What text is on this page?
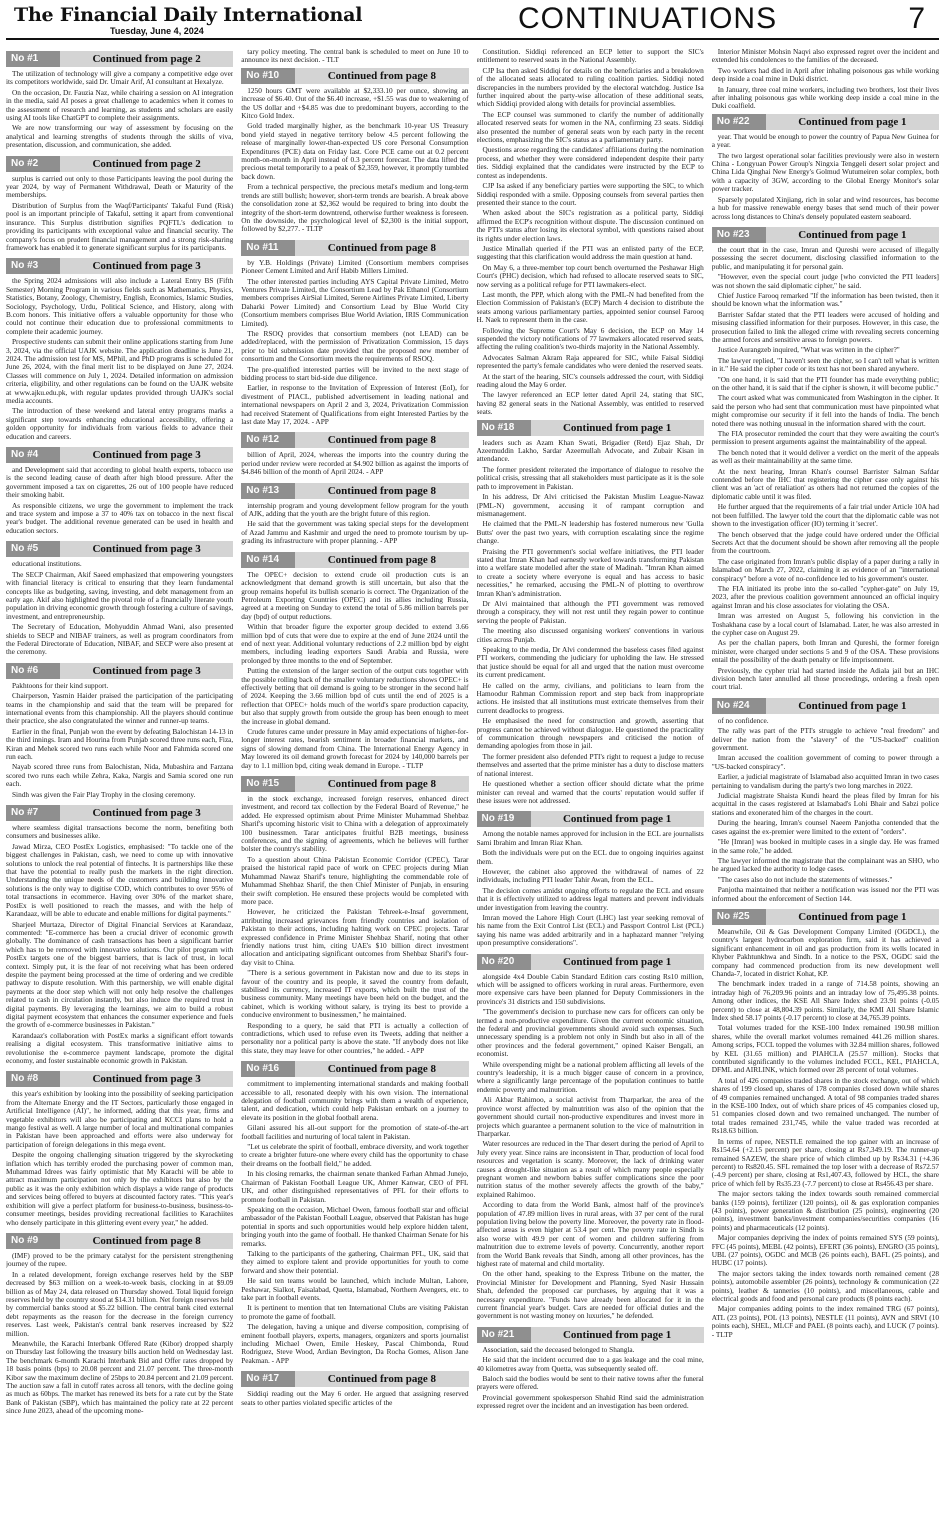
The Financial Daily International
Tuesday, June 4, 2024	CONTINUATIONS	7
No #1	Continued from page 2

The utilization of technology will give a company a competitive edge over its competitors worldwide, said Dr. Umair Arif, AI consultant at Hexalyze.

On the occasion, Dr. Fauzia Naz, while chairing a session on AI integration in the media, said AI poses a great challenge to academics when it comes to the assessment of research and learning, as students and scholars are easily using AI tools like ChatGPT to complete their assignments.

We are now transforming our way of assessment by focusing on the analytical and learning strengths of students through the skills of viva, presentation, discussion, and communication, she added.

No #2	Continued from page 2

surplus is carried out only to those Participants leaving the pool during the year 2024, by way of Permanent Withdrawal, Death or Maturity of the memberships.

Distribution of Surplus from the Waqf/Participants' Takaful Fund (Risk) pool is an important principle of Takaful, setting it apart from conventional insurance. This Surplus distribution signifies PQFTL's dedication to providing its participants with exceptional value and financial security. The company's focus on prudent financial management and a strong risk-sharing framework has enabled it to generate significant surplus for its participants.

No #3	Continued from page 3

the Spring 2024 admissions will also include a Lateral Entry BS (Fifth Semester) Morning Program in various fields such as Mathematics, Physics, Statistics, Botany, Zoology, Chemistry, English, Economics, Islamic Studies, Sociology, Psychology, Urdu, Political Science, and History, along with B.com honors. This initiative offers a valuable opportunity for those who could not continue their education due to professional commitments to complete their academic journey.

Prospective students can submit their online applications starting from June 3, 2024, via the official UAJK website. The application deadline is June 21, 2024. The admission test for MS, MPhil, and PhD programs is scheduled for June 26, 2024, with the final merit list to be displayed on June 27, 2024. Classes will commence on July 1, 2024. Detailed information on admission criteria, eligibility, and other regulations can be found on the UAJK website at www.ajku.edu.pk, with regular updates provided through UAJK's social media accounts.

The introduction of these weekend and lateral entry programs marks a significant step towards enhancing educational accessibility, offering a golden opportunity for individuals from various fields to advance their education and careers.

No #4	Continued from page 3

and Development said that according to global health experts, tobacco use is the second leading cause of death after high blood pressure. After the government imposed a tax on cigarettes, 26 out of 100 people have reduced their smoking habit.

As responsible citizens, we urge the government to implement the track and trace system and impose a 37 to 40% tax on tobacco in the next fiscal year's budget. The additional revenue generated can be used in health and education sectors.

No #5	Continued from page 3

educational institutions.

The SECP Chairman, Akif Saeed emphasized that empowering youngsters with financial literacy is critical to ensuring that they learn fundamental concepts like as budgeting, saving, investing, and debt management from an early age. Akif also highlighted the pivotal role of a financially literate youth population in driving economic growth through fostering a culture of savings, investment, and entrepreneurship.

The Secretary of Education, Mohyuddin Ahmad Wani, also presented shields to SECP and NIBAF trainers, as well as program coordinators from the Federal Directorate of Education, NIBAF, and SECP were also present at the ceremony.

No #6	Continued from page 3

Pakhtoons for their kind support.

Chairperson, Yasmin Haider praised the participation of the participating teams in the championship and said that the team will be prepared for international events from this championship. All the players should continue their practice, she also congratulated the winner and runner-up teams.

Earlier in the final, Punjab won the event by defeating Balochistan 14-13 in the third innings. Iram and Hourina from Punjab scored three runs each, Fiza, Kiran and Mehek scored two runs each while Noor and Fahmida scored one run each.

Nayab scored three runs from Balochistan, Nida, Mubashira and Farzana scored two runs each while Zehra, Kaka, Nargis and Samia scored one run each.

Sindh was given the Fair Play Trophy in the closing ceremony.

No #7	Continued from page 3

where seamless digital transactions become the norm, benefiting both consumers and businesses alike.

Jawad Mirza, CEO PostEx Logistics, emphasised: "To tackle one of the biggest challenges in Pakistan, cash, we need to come up with innovative solutions to unlock the real potential of fintechs. It is partnerships like these that have the potential to really push the markets in the right direction. Understanding the unique needs of the customers and building innovative solutions is the only way to digitise COD, which contributes to over 95% of total transactions in ecommerce. Having over 30% of the market share, PostEx is well positioned to reach the masses, and with the help of Karandaaz, will be able to educate and enable millions for digital payments."

Sharjeel Murtaza, Director of Digital Financial Services at Karandaaz, commented: "E-commerce has been a crucial driver of economic growth globally. The dominance of cash transactions has been a significant barrier which has to be removed with innovative solutions. Our pilot program with PostEx targets one of the biggest barriers, that is lack of trust, in local context. Simply put, it is the fear of not receiving what has been ordered despite the payment being processed at the time of ordering and we credible pathway to dispute resolution. With this partnership, we will enable digital payments at the door step which will not only help resolve the challenges related to cash in circulation instantly, but also induce the required trust in digital payments. By leveraging the learnings, we aim to build a robust digital payment ecosystem that enhances the consumer experience and fuels the growth of e-commerce businesses in Pakistan."

Karandaaz's collaboration with PostEx marks a significant effort towards realising a digital ecosystem. This transformative initiative aims to revolutionise the e-commerce payment landscape, promote the digital economy, and foster sustainable economic growth in Pakistan.

No #8	Continued from page 3

this year's exhibition by looking into the possibility of seeking participation from the Alternate Energy and the IT Sectors, particularly those engaged in Artificial Intelligence (AI)", he informed, adding that this year, firms and vegetable exhibitors will also be participating and KCCI plans to hold a mango festival as well. A large number of local and multinational companies in Pakistan have been approached and efforts were also underway for participation of foreign delegations in this mega event.

Despite the ongoing challenging situation triggered by the skyrocketing inflation which has terribly eroded the purchasing power of common man, Muhammad Idrees was fairly optimistic that My Karachi will be able to attract maximum participation not only by the exhibitors but also by the public as it was the only exhibition which displays a wide range of products and services being offered to buyers at discounted factory rates. "This year's exhibition will give a perfect platform for business-to-business, business-to-consumer meetings, besides providing recreational facilities to Karachiites who densely participate in this glittering event every year," he added.

No #9	Continued from page 8

(IMF) proved to be the primary catalyst for the persistent strengthening journey of the rupee.

In a related development, foreign exchange reserves held by the SBP decreased by $63 million on a week-to-week basis, clocking in at $9.09 billion as of May 24, data released on Thursday showed. Total liquid foreign reserves held by the country stood at $14.31 billion. Net foreign reserves held by commercial banks stood at $5.22 billion. The central bank cited external debt repayments as the reason for the decrease in the foreign currency reserves. Last week, Pakistan's central bank reserves increased by $22 million.

Meanwhile, the Karachi Interbank Offered Rate (Kibor) dropped sharply on Thursday last following the treasury bills auction held on Wednesday last. The benchmark 6-month Karachi Interbank Bid and Offer rates dropped by 18 basis points (bps) to 20.08 percent and 21.07 percent. The three-month Kibor saw the maximum decline of 25bps to 20.84 percent and 21.09 percent. The auction saw a fall in cutoff rates across all tenors, with the decline going as much as 60bps. The market has renewed its bets for a rate cut by the State Bank of Pakistan (SBP), which has maintained the policy rate at 22 percent since June 2023, ahead of the upcoming mone-

tary policy meeting. The central bank is scheduled to meet on June 10 to announce its next decision. - TLT

No #10	Continued from page 8

1250 hours GMT were available at $2,333.10 per ounce, showing an increase of $6.40. Out of the $6.40 increase, +$1.55 was due to weakening of the US dollar and +$4.85 was due to predominant buyers, according to the Kitco Gold Index.

Gold traded marginally higher, as the benchmark 10-year US Treasury bond yield stayed in negative territory below 4.5 percent following the release of marginally lower-than-expected US core Personal Consumption Expenditures (PCE) data on Friday last. Core PCE came out at 0.2 percent month-on-month in April instead of 0.3 percent forecast. The data lifted the precious metal temporarily to a peak of $2,359, however, it promptly tumbled back down.

From a technical perspective, the precious metal's medium and long-term trends are still bullish; however, short-term trends are bearish. A break above the consolidation zone at $2,362 would be required to bring into doubt the integrity of the short-term downtrend, otherwise further weakness is foreseen. On the downside, the psychological level of $2,300 is the initial support, followed by $2,277. - TLTP

No #11	Continued from page 8

by Y.B. Holdings (Private) Limited (Consortium members comprises Pioneer Cement Limited and Arif Habib Millers Limited.

The other interested parties including AYS Capital Private Limited, Metro Ventures Private Limited, the Consortium Lead by Pak Ethanol (Consortium members comprises AirSial Limited, Serene Airlines Private Limited, Liberty Daharki Power Limited) and Consortium Lead by Blue World City (Consortium members comprises Blue World Aviation, IRIS Communication Limited).

The RSOQ provides that consortium members (not LEAD) can be added/replaced, with the permission of Privatization Commission, 15 days prior to bid submission date provided that the proposed new member of consortium and the Consortium meets the requirements of RSOQ.

The pre-qualified interested parties will be invited to the next stage of bidding process to start bid-side due diligence.

Earlier, in response to the Invitation of Expression of Interest (EoI), for divestment of PIACL, published advertisement in leading national and international newspapers on April 2 and 3, 2024, Privatization Commission had received Statement of Qualifications from eight Interested Parties by the last date May 17, 2024. - APP

No #12	Continued from page 8

billion of April, 2024, whereas the imports into the country during the period under review were recorded at $4.902 billion as against the imports of $4.846 billion of the month of April 2024. - APP

No #13	Continued from page 8

internship program and young development fellow program for the youth of AJK, adding that the youth are the bright future of this region.

He said that the government was taking special steps for the development of Azad Jammu and Kashmir and urged the need to promote tourism by up-grading its infrastructure with proper planning. - APP

No #14	Continued from page 8

The OPEC+ decision to extend crude oil production cuts is an acknowledgment that demand growth is still uncertain, but also that the group remains hopeful its bullish scenario is correct. The Organization of the Petroleum Exporting Countries (OPEC) and its allies including Russia, agreed at a meeting on Sunday to extend the total of 5.86 million barrels per day (bpd) of output reductions.

Within that broader figure the exporter group decided to extend 3.66 million bpd of cuts that were due to expire at the end of June 2024 until the end of next year. Additional voluntary reductions of 2.2 million bpd by eight members, including leading exporters Saudi Arabia and Russia, were prolonged by three months to the end of September.

Putting the extension of the larger section of the output cuts together with the possible rolling back of the smaller voluntary reductions shows OPEC+ is effectively betting that oil demand is going to be stronger in the second half of 2024. Keeping the 3.66 million bpd of cuts until the end of 2025 is a reflection that OPEC+ holds much of the world's spare production capacity, but also that supply growth from outside the group has been enough to meet the increase in global demand.

Crude futures came under pressure in May amid expectations of higher-for-longer interest rates, bearish sentiment in broader financial markets, and signs of slowing demand from China. The International Energy Agency in May lowered its oil demand growth forecast for 2024 by 140,000 barrels per day to 1.1 million bpd, citing weak demand in Europe. - TLTP

No #15	Continued from page 8

in the stock exchange, increased foreign reserves, enhanced direct investment, and record tax collection by the Federal Board of Revenue," he added. He expressed optimism about Prime Minister Muhammad Shehbaz Sharif's upcoming historic visit to China with a delegation of approximately 100 businessmen. Tarar anticipates fruitful B2B meetings, business conferences, and the signing of agreements, which he believes will further bolster the country's stability.

To a question about China Pakistan Economic Corridor (CPEC), Tarar praised the historical rapid pace of work on CPEC projects during Mian Muhammad Nawaz Sharif's tenure, highlighting the commendable role of Muhammad Shehbaz Sharif, the then Chief Minister of Punjab, in ensuring their swift completion. He ensured these projects would be completed with more pace.

However, he criticized the Pakistan Tehreek-e-Insaf government, attributing increased grievances from friendly countries and isolation of Pakistan to their actions, including halting work on CPEC projects. Tarar expressed confidence in Prime Minister Shehbaz Sharif, noting that other friendly nations trust him, citing UAE's $10 billion direct investment allocation and anticipating significant outcomes from Shehbaz Sharif's four-day visit to China.

"There is a serious government in Pakistan now and due to its steps in favour of the country and its people, it saved the country from default, stabilised its currency, increased IT exports, which built the trust of the business community. Many meetings have been held on the budget, and the cabinet, which is working without salary, is trying its best to provide a conducive environment to businessmen," he maintained.

Responding to a query, he said that PTI is actually a collection of contradictions, which used to refuse even its Tweets, adding that neither a personality nor a political party is above the state. "If anybody does not like this state, they may leave for other countries," he added. - APP

No #16	Continued from page 8

commitment to implementing international standards and making football accessible to all, resonated deeply with his own vision. The international delegation of football community brings with them a wealth of experience, talent, and dedication, which could help Pakistan embark on a journey to elevate its position in the global football arena.

Gilani assured his all-out support for the promotion of state-of-the-art football facilities and nurturing of local talent in Pakistan.

"Let us celebrate the spirit of football, embrace diversity, and work together to create a brighter future-one where every child has the opportunity to chase their dreams on the football field," he added.

In his closing remarks, the chairman senate thanked Farhan Ahmad Junejo, Chairman of Pakistan Football League UK, Ahmer Kanwar, CEO of PFL UK, and other distinguished representatives of PFL for their efforts to promote football in Pakistan.

Speaking on the occasion, Michael Owen, famous football star and official ambassador of the Pakistan Football League, observed that Pakistan has huge potential in sports and such opportunities would help explore hidden talent, bringing youth into the game of football. He thanked Chairman Senate for his remarks.

Talking to the participants of the gathering, Chairman PFL, UK, said that they aimed to explore talent and provide opportunities for youth to come forward and show their potential.

He said ten teams would be launched, which include Multan, Lahore, Peshawar, Sialkot, Faisalabad, Quetta, Islamabad, Northern Avengers, etc. to take part in football events.

It is pertinent to mention that ten International Clubs are visiting Pakistan to promote the game of football.

The delegation, having a unique and diverse composition, comprising of eminent football players, experts, managers, organizers and sports journalist including Michael Owen, Emile Heskey, Pascal Chimbonda, Ruud Rodriguez, Steve Wood, Ardian Bevington, Da Rocha Gomes, Alison Jane Peakman. - APP

No #17	Continued from page 8

Siddiqi reading out the May 6 order. He argued that assigning reserved seats to other parties violated specific articles of the

Constitution. Siddiqi referenced an ECP letter to support the SIC's entitlement to reserved seats in the National Assembly.

CJP Isa then asked Siddiqi for details on the beneficiaries and a breakdown of the allocated seats allocated to ruling coalition parties. Siddiqi noted discrepancies in the numbers provided by the electoral watchdog. Justice Isa further inquired about the party-wise allocation of these additional seats, which Siddiqi provided along with details for provincial assemblies.

The ECP counsel was summoned to clarify the number of additionally allocated reserved seats for women in the NA, confirming 23 seats. Siddiqi also presented the number of general seats won by each party in the recent elections, emphasizing the SIC's status as a parliamentary party.

Questions arose regarding the candidates' affiliations during the nomination process, and whether they were considered independent despite their party ties. Siddiqi explained that the candidates were instructed by the ECP to contest as independents.

CJP Isa asked if any beneficiary parties were supporting the SIC, to which Siddiqi responded with a smile. Opposing counsels from several parties then presented their stance to the court.

When asked about the SIC's registration as a political party, Siddiqi affirmed the ECP's recognition without dispute. The discussion continued on the PTI's status after losing its electoral symbol, with questions raised about its rights under election laws.

Justice Minallah queried if the PTI was an enlisted party of the ECP, suggesting that this clarification would address the main question at hand.

On May 6, a three-member top court bench overturned the Peshawar High Court's (PHC) decision, which had refused to allocate reserved seats to SIC, now serving as a political refuge for PTI lawmakers-elect.

Last month, the PPP, which along with the PML-N had benefited from the Election Commission of Pakistan's (ECP) March 4 decision to distribute the seats among various parliamentary parties, appointed senior counsel Farooq H. Naek to represent them in the case.

Following the Supreme Court's May 6 decision, the ECP on May 14 suspended the victory notifications of 77 lawmakers allocated reserved seats, affecting the ruling coalition's two-thirds majority in the National Assembly.

Advocates Salman Akram Raja appeared for SIC, while Faisal Siddiqi represented the party's female candidates who were denied the reserved seats.

At the start of the hearing, SIC's counsels addressed the court, with Siddiqi reading aloud the May 6 order.

The lawyer referenced an ECP letter dated April 24, stating that SIC, having 82 general seats in the National Assembly, was entitled to reserved seats.

No #18	Continued from page 1

leaders such as Azam Khan Swati, Brigadier (Retd) Ejaz Shah, Dr Azeemuddin Lakho, Sardar Azeemullah Advocate, and Zubair Kisan in attendance.

The former president reiterated the importance of dialogue to resolve the political crisis, stressing that all stakeholders must participate as it is the sole path to improvement in Pakistan.

In his address, Dr Alvi criticised the Pakistan Muslim League-Nawaz (PML-N) government, accusing it of rampant corruption and mismanagement.

He claimed that the PML-N leadership has fostered numerous new 'Gulla Butts' over the past two years, with corruption escalating since the regime change.

Praising the PTI government's social welfare initiatives, the PTI leader stated that Imran Khan had earnestly worked towards transforming Pakistan into a welfare state modelled after the state of Madinah. "Imran Khan aimed to create a society where everyone is equal and has access to basic necessities," he remarked, accusing the PML-N of plotting to overthrow Imran Khan's administration.

Dr Alvi maintained that although the PTI government was removed through a conspiracy, they will not rest until they regain power to continue serving the people of Pakistan.

The meeting also discussed organising workers' conventions in various cities across Punjab.

Speaking to the media, Dr Alvi condemned the baseless cases filed against PTI workers, commending the judiciary for upholding the law. He stressed that justice should be equal for all and urged that the nation must overcome its current predicament.

He called on the army, civilians, and politicians to learn from the Hamoodur Rahman Commission report and step back from inappropriate actions. He insisted that all institutions must extricate themselves from their current deadlocks to progress.

He emphasised the need for construction and growth, asserting that progress cannot be achieved without dialogue. He questioned the practicality of communication through newspapers and criticised the notion of demanding apologies from those in jail.

The former president also defended PTI's right to request a judge to recuse themselves and asserted that the prime minister has a duty to disclose matters of national interest.

He questioned whether a section officer should dictate what the prime minister can reveal and warned that the courts' reputation would suffer if these issues were not addressed.

No #19	Continued from page 1

Among the notable names approved for inclusion in the ECL are journalists Sami Ibrahim and Imran Riaz Khan.

Both the individuals were put on the ECL due to ongoing inquiries against them.

However, the cabinet also approved the withdrawal of names of 22 individuals, including PTI leader Tahir Awan, from the ECL.

The decision comes amidst ongoing efforts to regulate the ECL and ensure that it is effectively utilized to address legal matters and prevent individuals under investigation from leaving the country.

Imran moved the Lahore High Court (LHC) last year seeking removal of his name from the Exit Control List (ECL) and Passport Control List (PCL) saying his name was added arbitrarily and in a haphazard manner "relying upon presumptive considerations".

No #20	Continued from page 1

alongside 4x4 Double Cabin Standard Edition cars costing Rs10 million, which will be assigned to officers working in rural areas. Furthermore, even more expensive cars have been planned for Deputy Commissioners in the province's 31 districts and 150 subdivisions.

"The government's decision to purchase new cars for officers can only be termed a non-productive expenditure. Given the current economic situation, the federal and provincial governments should avoid such expenses. Such unnecessary spending is a problem not only in Sindh but also in all of the other provinces and the federal government," opined Kaiser Bengali, an economist.

While overspending might be a national problem afflicting all levels of the country's leadership, it is a much bigger cause of concern in a province, where a significantly large percentage of the population continues to battle endemic poverty and malnutrition.

Ali Akbar Rahimoo, a social activist from Tharparkar, the area of the province worst affected by malnutrition was also of the opinion that the government should curtail non-productive expenditures and invest more in projects which guarantee a permanent solution to the vice of malnutrition in Tharparkar.

Water resources are reduced in the Thar desert during the period of April to July every year. Since rains are inconsistent in Thar, production of local food resources and vegetation is scanty. Moreover, the lack of drinking water causes a drought-like situation as a result of which many people especially pregnant women and newborn babies suffer complications since the poor nutrition status of the mother severely affects the growth of the baby," explained Rahimoo.

According to data from the World Bank, almost half of the province's population of 47.89 million lives in rural areas, with 37 per cent of the rural population living below the poverty line. Moreover, the poverty rate in flood-affected areas is even higher at 53.4 per cent. The poverty rate in Sindh is also worse with 49.9 per cent of women and children suffering from malnutrition due to extreme levels of poverty. Concurrently, another report from the World Bank reveals that Sindh, among all other provinces, has the highest rate of maternal and child mortality.

On the other hand, speaking to the Express Tribune on the matter, the Provincial Minister for Development and Planning, Syed Nasir Hussain Shah, defended the proposed car purchases, by arguing that it was a necessary expenditure. "Funds have already been allocated for it in the current financial year's budget. Cars are needed for official duties and the government is not wasting money on luxuries," he defended.

No #21	Continued from page 1

Association, said the deceased belonged to Shangla.

He said that the incident occurred due to a gas leakage and the coal mine, 40 kilometres away from Quetta, was subsequently sealed off.

Baloch said the bodies would be sent to their native towns after the funeral prayers were offered.

Provincial government spokesperson Shahid Rind said the administration expressed regret over the incident and an investigation has been ordered.

Interior Minister Mohsin Naqvi also expressed regret over the incident and extended his condolences to the families of the deceased.

Two workers had died in April after inhaling poisonous gas while working deep inside a coal mine in Duki district.

In January, three coal mine workers, including two brothers, lost their lives after inhaling poisonous gas while working deep inside a coal mine in the Duki coalfield.

No #22	Continued from page 1

year. That would be enough to power the country of Papua New Guinea for a year.

The two largest operational solar facilities previously were also in western China - Longyuan Power Group's Ningxia Tenggeli desert solar project and China Lida Qinghai New Energy's Golmud Wutumeiren solar complex, both with a capacity of 3GW, according to the Global Energy Monitor's solar power tracker.

Sparsely populated Xinjiang, rich in solar and wind resources, has become a hub for massive renewable energy bases that send much of their power across long distances to China's densely populated eastern seaboard.

No #23	Continued from page 1

the court that in the case, Imran and Qureshi were accused of illegally possessing the secret document, disclosing classified information to the public, and manipulating it for personal gain.

"However, even the special court judge [who convicted the PTI leaders] was not shown the said diplomatic cipher," he said.

Chief Justice Farooq remarked "If the information has been twisted, then it should be known what the information was."

Barrister Safdar stated that the PTI leaders were accused of holding and misusing classified information for their purposes. However, in this case, the prosecution failed to link the alleged crime with revealing secrets concerning the armed forces and sensitive areas to foreign powers.

Justice Aurangzeb inquired, "What was written in the cipher?"

The lawyer replied, "I haven't seen the cipher, so I can't tell what is written in it." He said the cipher code or its text has not been shared anywhere.

"On one hand, it is said that the PTI founder has made everything public; on the other hand, it is said that if the cipher is shown, it will become public."

The court asked what was communicated from Washington in the cipher. It said the person who had sent that communication must have pinpointed what might compromise our security if it fell into the hands of India. The bench noted there was nothing unusual in the information shared with the court.

The FIA prosecutor reminded the court that they were awaiting the court's permission to present arguments against the maintainability of the appeal.

The bench noted that it would deliver a verdict on the merit of the appeals as well as their maintainability at the same time.

At the next hearing, Imran Khan's counsel Barrister Salman Safdar contended before the IHC that registering the cipher case only against his client was an 'act of retaliation' as others had not returned the copies of the diplomatic cable until it was filed.

He further argued that the requirements of a fair trial under Article 10A had not been fulfilled. The lawyer told the court that the diplomatic cable was not shown to the investigation officer (IO) terming it 'secret'.

The bench observed that the judge could have ordered under the Official Secrets Act that the document should be shown after removing all the people from the courtroom.

The case originated from Imran's public display of a paper during a rally in Islamabad on March 27, 2022, claiming it as evidence of an "international conspiracy" before a vote of no-confidence led to his government's ouster.

The FIA initiated its probe into the so-called "cypher-gate" on July 19, 2023, after the previous coalition government announced an official inquiry against Imran and his close associates for violating the OSA.

Imran was arrested on August 5, following his conviction in the Toshakhana case by a local court of Islamabad. Later, he was also arrested in the cypher case on August 29.

As per the challan papers, both Imran and Qureshi, the former foreign minister, were charged under sections 5 and 9 of the OSA. These provisions entail the possibility of the death penalty or life imprisonment.

Previously, the cypher trial had started inside the Adiala jail but an IHC division bench later annulled all those proceedings, ordering a fresh open court trial.

No #24	Continued from page 1

of no confidence.

The rally was part of the PTI's struggle to achieve "real freedom" and deliver the nation from the "slavery" of the "US-backed" coalition government.

Imran accused the coalition government of coming to power through a "US-backed conspiracy".

Earlier, a judicial magistrate of Islamabad also acquitted Imran in two cases pertaining to vandalism during the party's two long marches in 2022.

Judicial magistrate Shaista Kundi heard the pleas filed by Imran for his acquittal in the cases registered at Islamabad's Lohi Bhair and Sabzi police stations and exonerated him of the charges in the court.

During the hearing, Imran's counsel Naeem Panjotha contended that the cases against the ex-premier were limited to the extent of "orders".

"He [Imran] was booked in multiple cases in a single day. He was framed in the same role," he added.

The lawyer informed the magistrate that the complainant was an SHO, who he argued lacked the authority to lodge cases.

"The cases also do not include the statements of witnesses."

Panjotha maintained that neither a notification was issued nor the PTI was informed about the enforcement of Section 144.

No #25	Continued from page 1

Meanwhile, Oil & Gas Development Company Limited (OGDCL), the country's largest hydrocarbon exploration firm, said it has achieved a significant enhancement in oil and gas production from its wells located in Khyber Pakhtunkhwa and Sindh. In a notice to the PSX, OGDC said the company had commenced production from its new development well Chanda-7, located in district Kohat, KP.

The benchmark index traded in a range of 714.58 points, showing an intraday high of 76,209.96 points and an intraday low of 75,495.38 points. Among other indices, the KSE All Share Index shed 23.91 points (-0.05 percent) to close at 48,804.39 points. Similarly, the KMI All Share Islamic Index shed 58.17 points (-0.17 percent) to close at 34,765.39 points.

Total volumes traded for the KSE-100 Index remained 190.98 million shares, while the overall market volumes remained 441.26 million shares. Among scrips, FCCL topped the volumes with 32.84 million shares, followed by KEL (31.65 million) and PIAHCLA (25.57 million). Stocks that contributed significantly to the volumes included FCCL, KEL, PIAHCLA, DFML and AIRLINK, which formed over 28 percent of total volumes.

A total of 426 companies traded shares in the stock exchange, out of which shares of 199 closed up, shares of 178 companies closed down while shares of 49 companies remained unchanged. A total of 98 companies traded shares in the KSE-100 Index, out of which share prices of 45 companies closed up, 51 companies closed down and two remained unchanged. The number of total trades remained 231,745, while the value traded was recorded at Rs18.63 billion.

In terms of rupee, NESTLE remained the top gainer with an increase of Rs154.64 (+2.15 percent) per share, closing at Rs7,349.19. The runner-up remained SAZEW, the share price of which climbed up by Rs34.31 (+4.36 percent) to Rs820.45. SFL remained the top loser with a decrease of Rs72.57 (-4.9 percent) per share, closing at Rs1,407.43, followed by HCL, the share price of which fell by Rs35.23 (-7.7 percent) to close at Rs456.43 per share.

The major sectors taking the index towards south remained commercial banks (159 points), fertilizer (120 points), oil & gas exploration companies (43 points), power generation & distribution (25 points), engineering (20 points), investment banks/investment companies/securities companies (16 points) and pharmaceuticals (12 points).

Major companies depriving the index of points remained SYS (59 points), FFC (45 points), MEBL (42 points), EFERT (36 points), ENGRO (35 points), UBL (27 points), OGDC and MCB (26 points each), BAFL (25 points), and HUBC (17 points).

The major sectors taking the index towards north remained cement (28 points), automobile assembler (26 points), technology & communication (22 points), leather & tanneries (10 points), and miscellaneous, cable and electrical goods and food and personal care products (8 points each).

Major companies adding points to the index remained TRG (67 points), ATL (23 points), POL (13 points), NESTLE (11 points), AVN and SRVI (10 points each), SHEL, MLCF and PAEL (8 points each), and LUCK (7 points). - TLTP
